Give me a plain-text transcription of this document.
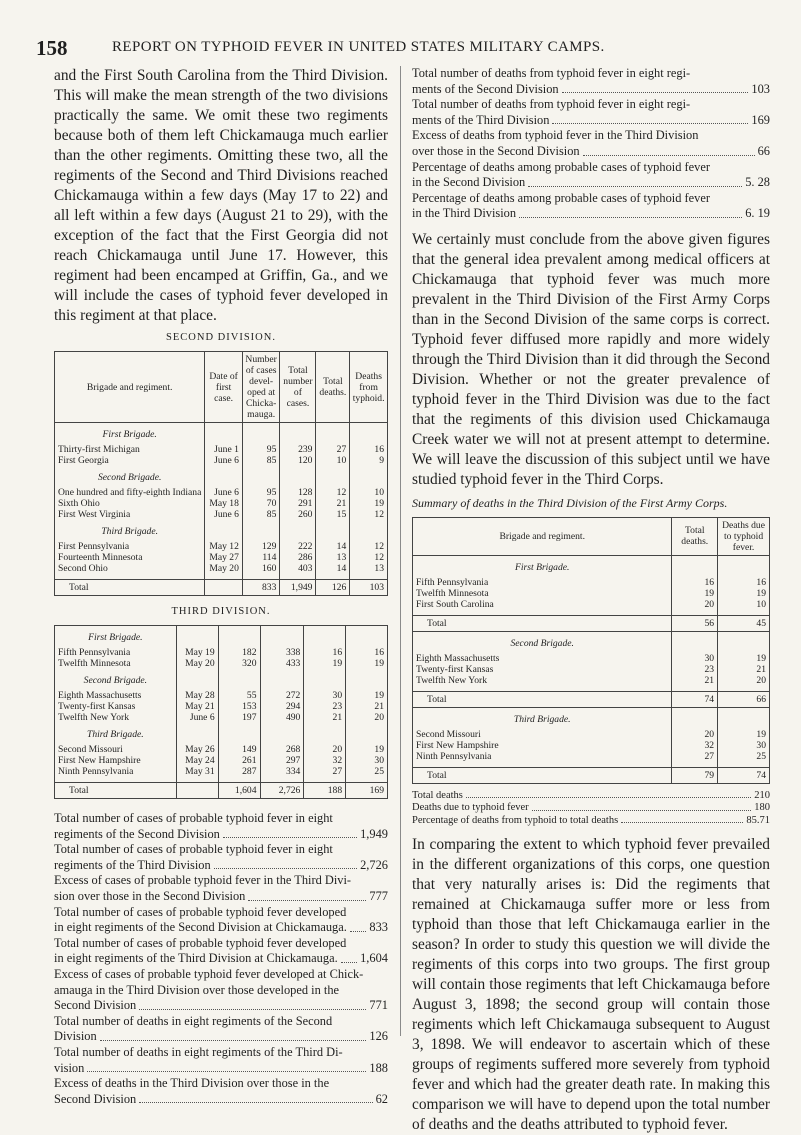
158	REPORT ON TYPHOID FEVER IN UNITED STATES MILITARY CAMPS.

and the First South Carolina from the Third Division. This will make the mean strength of the two divisions practically the same. We omit these two regiments because both of them left Chickamauga much earlier than the other regiments. Omitting these two, all the regiments of the Second and Third Divisions reached Chickamauga within a few days (May 17 to 22) and all left within a few days (August 21 to 29), with the exception of the fact that the First Georgia did not reach Chickamauga until June 17. However, this regiment had been encamped at Griffin, Ga., and we will include the cases of typhoid fever developed in this regiment at that place.

SECOND DIVISION.
Brigade and regiment.	Date of first case.	Number of cases devel-oped at Chicka-mauga.	Total number of cases.	Total deaths.	Deaths from typhoid.
First Brigade.					
Thirty-first Michigan	June 1	95	239	27	16
First Georgia	June 6	85	120	10	9
Second Brigade.					
One hundred and fifty-eighth Indiana	June 6	95	128	12	10
Sixth Ohio	May 18	70	291	21	19
First West Virginia	June 6	85	260	15	12
Third Brigade.					
First Pennsylvania	May 12	129	222	14	12
Fourteenth Minnesota	May 27	114	286	13	12
Second Ohio	May 20	160	403	14	13

Total		833	1,949	126	103
THIRD DIVISION.
First Brigade.					
Fifth Pennsylvania	May 19	182	338	16	16
Twelfth Minnesota	May 20	320	433	19	19
Second Brigade.					
Eighth Massachusetts	May 28	55	272	30	19
Twenty-first Kansas	May 21	153	294	23	21
Twelfth New York	June 6	197	490	21	20
Third Brigade.					
Second Missouri	May 26	149	268	20	19
First New Hampshire	May 24	261	297	32	30
Ninth Pennsylvania	May 31	287	334	27	25

Total		1,604	2,726	188	169
Total number of cases of probable typhoid fever in eight
regiments of the Second Division	1,949
Total number of cases of probable typhoid fever in eight
regiments of the Third Division	2,726
Excess of cases of probable typhoid fever in the Third Divi-
sion over those in the Second Division	777
Total number of cases of probable typhoid fever developed
in eight regiments of the Second Division at Chickamauga. 833
Total number of cases of probable typhoid fever developed
in eight regiments of the Third Division at Chickamauga. 1,604
Excess of cases of probable typhoid fever developed at Chick-
amauga in the Third Division over those developed in the
Second Division	771
Total number of deaths in eight regiments of the Second
Division	126
Total number of deaths in eight regiments of the Third Di-
vision	188
Excess of deaths in the Third Division over those in the
Second Division	62
Total number of deaths from typhoid fever in eight regi-
ments of the Second Division	103
Total number of deaths from typhoid fever in eight regi-
ments of the Third Division	169
Excess of deaths from typhoid fever in the Third Division
over those in the Second Division	66
Percentage of deaths among probable cases of typhoid fever
in the Second Division	5. 28
Percentage of deaths among probable cases of typhoid fever
in the Third Division	6. 19

We certainly must conclude from the above given figures that the general idea prevalent among medical officers at Chickamauga that typhoid fever was much more prevalent in the Third Division of the First Army Corps than in the Second Division of the same corps is correct. Typhoid fever diffused more rapidly and more widely through the Third Division than it did through the Second Division. Whether or not the greater prevalence of typhoid fever in the Third Division was due to the fact that the regiments of this division used Chickamauga Creek water we will not at present attempt to determine. We will leave the discussion of this subject until we have studied typhoid fever in the Third Corps.

Summary of deaths in the Third Division of the First Army Corps.
Brigade and regiment.	Total deaths.	Deaths due to typhoid fever.
First Brigade.		
Fifth Pennsylvania	16	16
Twelfth Minnesota	19	19
First South Carolina	20	10

Total	56	45
Second Brigade.		
Eighth Massachusetts	30	19
Twenty-first Kansas	23	21
Twelfth New York	21	20

Total	74	66
Third Brigade.		
Second Missouri	20	19
First New Hampshire	32	30
Ninth Pennsylvania	27	25

Total	79	74
Total deaths	210
Deaths due to typhoid fever	180
Percentage of deaths from typhoid to total deaths	85.71

In comparing the extent to which typhoid fever prevailed in the different organizations of this corps, one question that very naturally arises is: Did the regiments that remained at Chickamauga suffer more or less from typhoid than those that left Chickamauga earlier in the season? In order to study this question we will divide the regiments of this corps into two groups. The first group will contain those regiments that left Chickamauga before August 3, 1898; the second group will contain those regiments which left Chickamauga subsequent to August 3, 1898. We will endeavor to ascertain which of these groups of regiments suffered more severely from typhoid fever and which had the greater death rate. In making this comparison we will have to depend upon the total number of deaths and the deaths attributed to typhoid fever.
